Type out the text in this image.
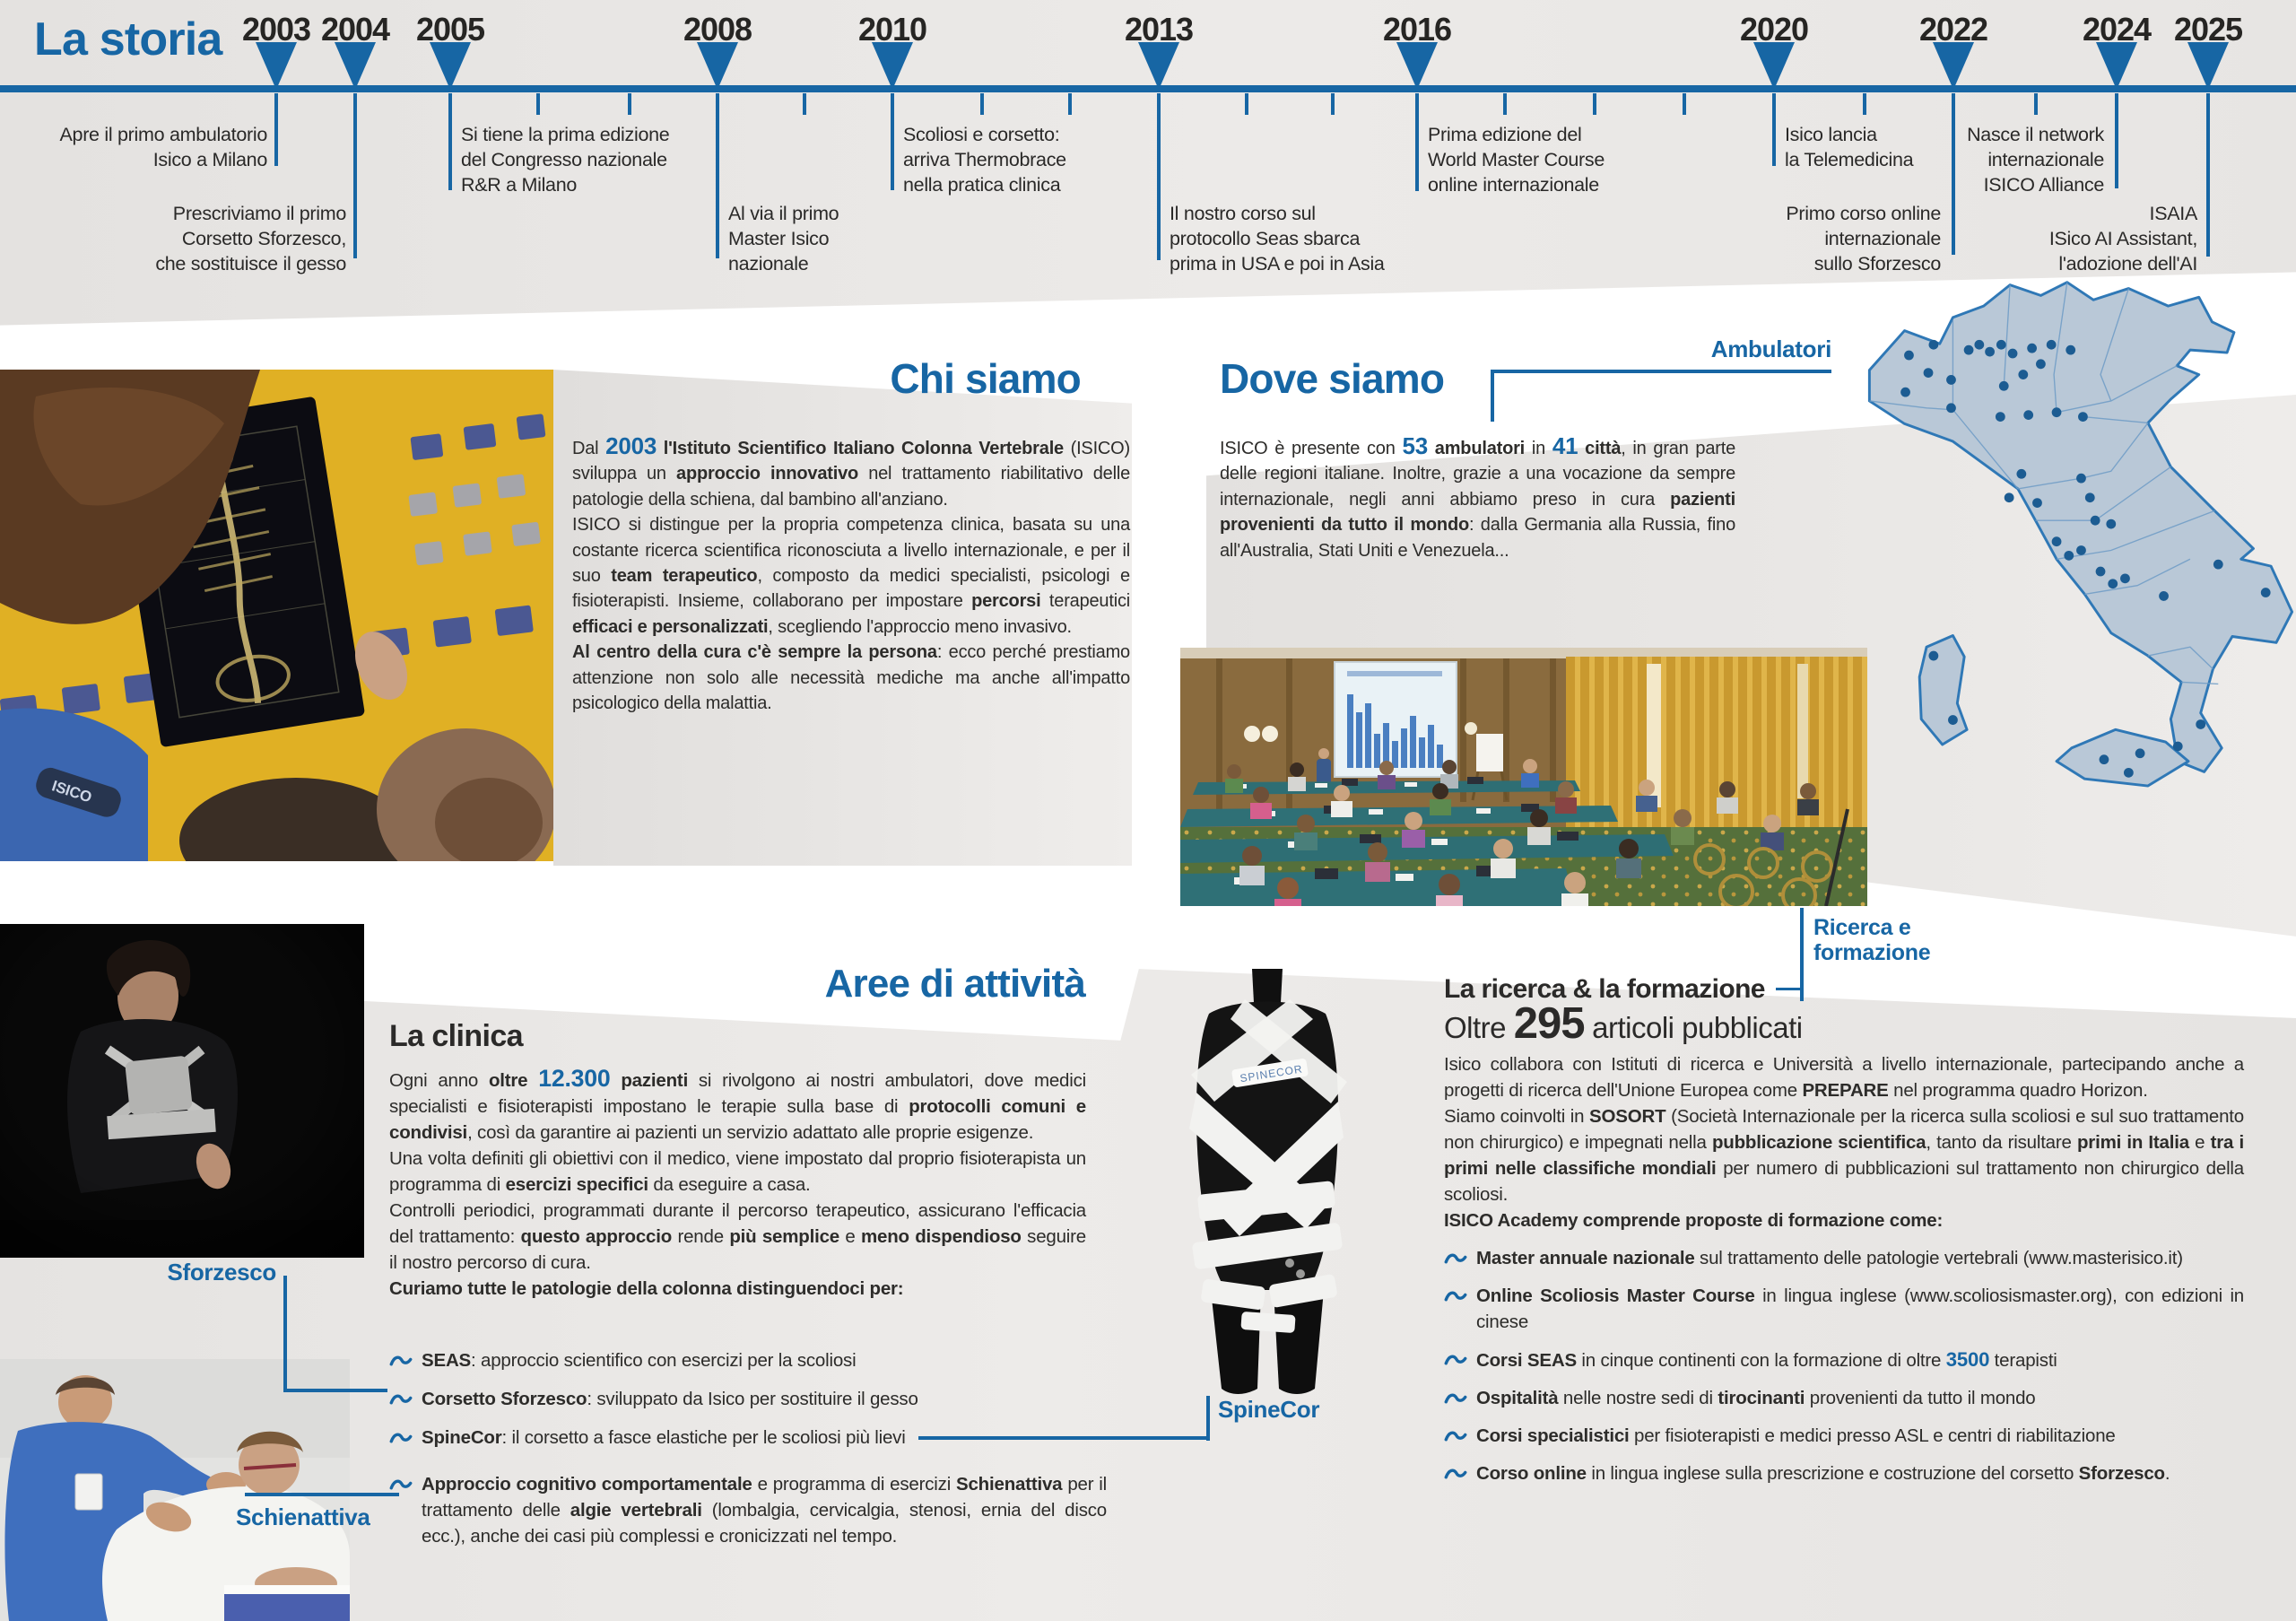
La storia 2003 2004 2005	2008	2010	2013	2016	2020	2022	2024 2025
Apre il primo ambulatorio
Isico a Milano
Prescriviamo il primo
Corsetto Sforzesco,
che sostituisce il gesso
Si tiene la prima edizione
del Congresso nazionale
R&R a Milano
Al via il primo
Master Isico
nazionale
Scoliosi e corsetto:
arriva Thermobrace
nella pratica clinica
Il nostro corso sul
protocollo Seas sbarca
prima in USA e poi in Asia
Prima edizione del
World Master Course
online internazionale
Isico lancia
la Telemedicina
Primo corso online
internazionale
sullo Sforzesco
Nasce il network
internazionale
ISICO Alliance
ISAIA
ISico AI Assistant,
l'adozione dell'AI
ISICO
SPINECOR
Chi siamo
Dal 2003 l'Istituto Scientifico Italiano Colonna Vertebrale (ISICO) sviluppa un approccio innovativo nel trattamento riabilitativo delle patologie della schiena, dal bambino all'anziano.
ISICO si distingue per la propria competenza clinica, basata su una costante ricerca scientifica riconosciuta a livello internazionale, e per il suo team terapeutico, composto da medici specialisti, psicologi e fisioterapisti. Insieme, collaborano per impostare percorsi terapeutici efficaci e personalizzati, scegliendo l'approccio meno invasivo.
Al centro della cura c'è sempre la persona: ecco perché prestiamo attenzione non solo alle necessità mediche ma anche all'impatto psicologico della malattia.
Dove siamo
ISICO è presente con 53 ambulatori in 41 città, in gran parte delle regioni italiane. Inoltre, grazie a una vocazione da sempre internazionale, negli anni abbiamo preso in cura pazienti provenienti da tutto il mondo: dalla Germania alla Russia, fino all'Australia, Stati Uniti e Venezuela...
Ambulatori
Ricerca e
formazione
Aree di attività
La clinica
Ogni anno oltre 12.300 pazienti si rivolgono ai nostri ambulatori, dove medici specialisti e fisioterapisti impostano le terapie sulla base di protocolli comuni e condivisi, così da garantire ai pazienti un servizio adattato alle proprie esigenze.
Una volta definiti gli obiettivi con il medico, viene impostato dal proprio fisioterapista un programma di esercizi specifici da eseguire a casa.
Controlli periodici, programmati durante il percorso terapeutico, assicurano l'efficacia del trattamento: questo approccio rende più semplice e meno dispendioso seguire il nostro percorso di cura.
Curiamo tutte le patologie della colonna distinguendoci per:
SEAS: approccio scientifico con esercizi per la scoliosi
Corsetto Sforzesco: sviluppato da Isico per sostituire il gesso
SpineCor: il corsetto a fasce elastiche per le scoliosi più lievi
Approccio cognitivo comportamentale e programma di esercizi Schienattiva per il trattamento delle algie vertebrali (lombalgia, cervicalgia, stenosi, ernia del disco ecc.), anche dei casi più complessi e cronicizzati nel tempo.
Sforzesco
Schienattiva
SpineCor
La ricerca & la formazione
Oltre 295 articoli pubblicati
Isico collabora con Istituti di ricerca e Università a livello internazionale, partecipando anche a progetti di ricerca dell'Unione Europea come PREPARE nel programma quadro Horizon.
Siamo coinvolti in SOSORT (Società Internazionale per la ricerca sulla scoliosi e sul suo trattamento non chirurgico) e impegnati nella pubblicazione scientifica, tanto da risultare primi in Italia e tra i primi nelle classifiche mondiali per numero di pubblicazioni sul trattamento non chirurgico della scoliosi.
ISICO Academy comprende proposte di formazione come:
Master annuale nazionale sul trattamento delle patologie vertebrali (www.masterisico.it)
Online Scoliosis Master Course in lingua inglese (www.scoliosismaster.org), con edizioni in cinese
Corsi SEAS in cinque continenti con la formazione di oltre 3500 terapisti
Ospitalità nelle nostre sedi di tirocinanti provenienti da tutto il mondo
Corsi specialistici per fisioterapisti e medici presso ASL e centri di riabilitazione
Corso online in lingua inglese sulla prescrizione e costruzione del corsetto Sforzesco.
